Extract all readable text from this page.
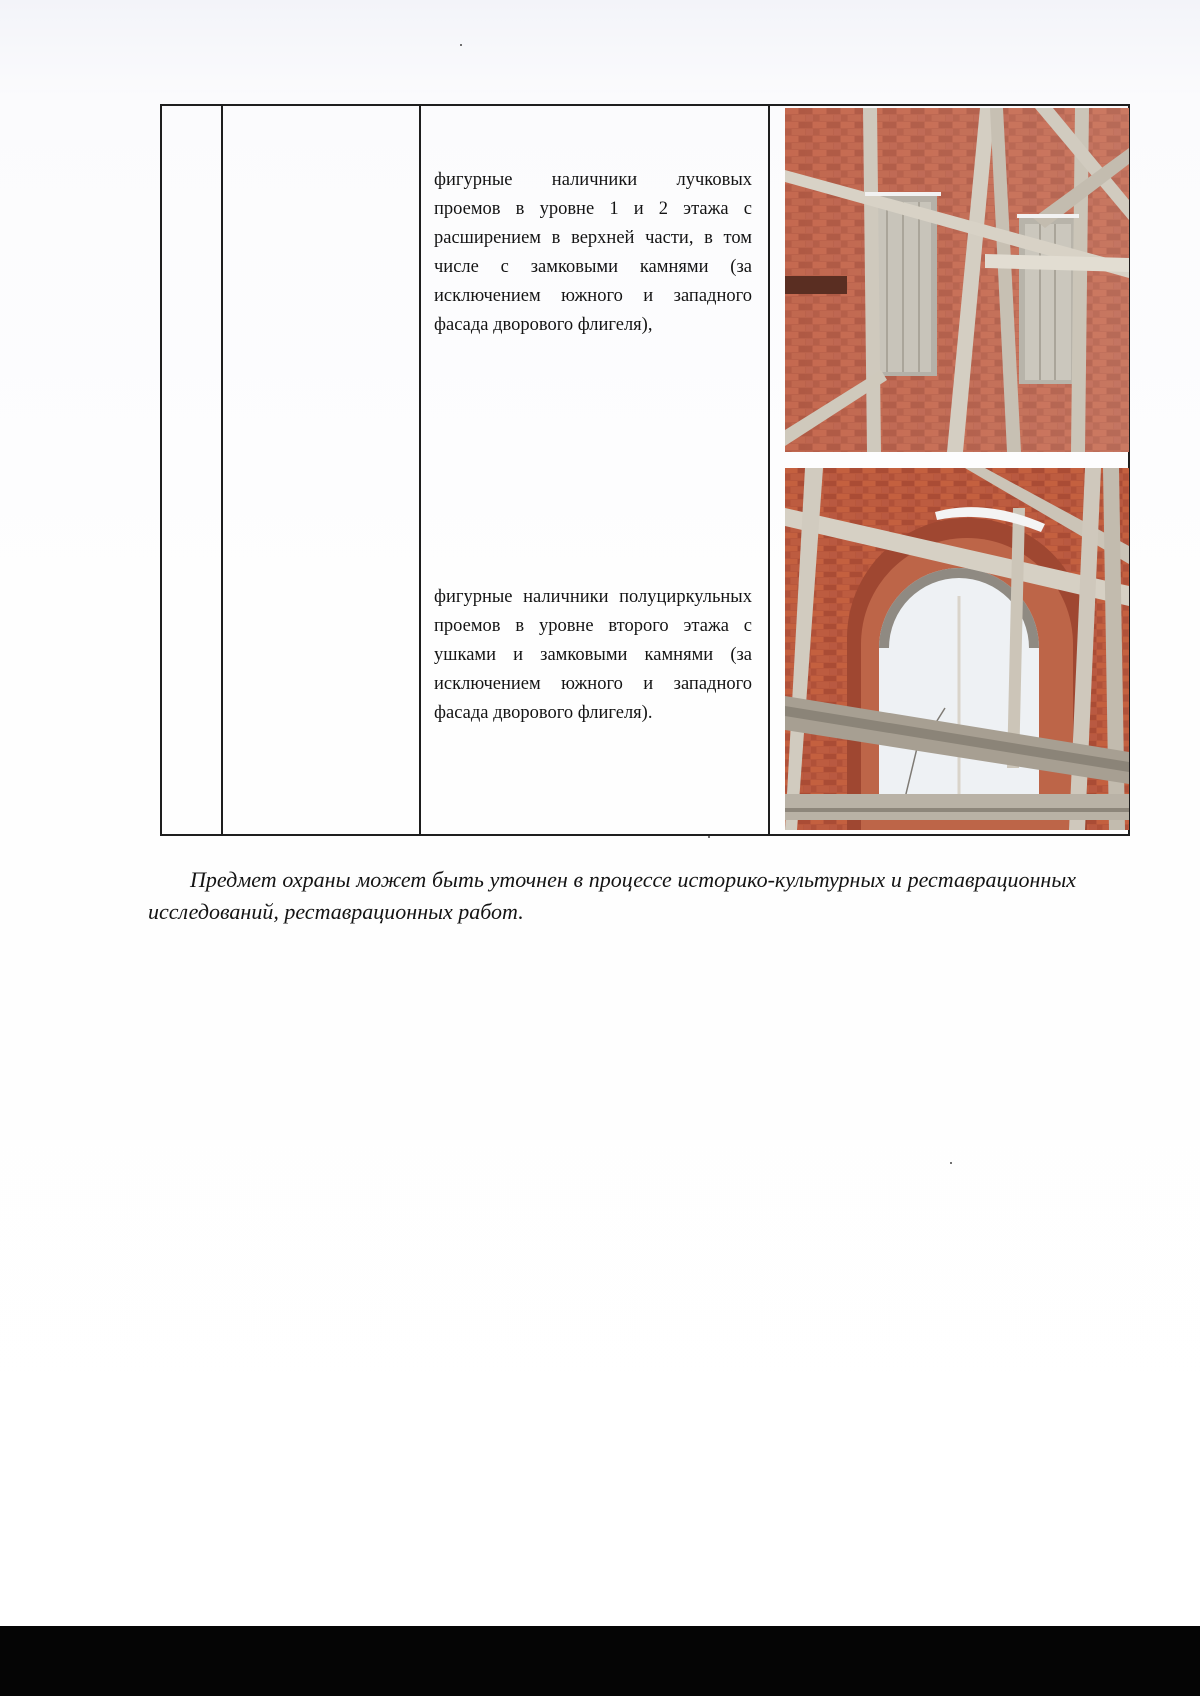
фигурные наличники лучковых проемов в уровне 1 и 2 этажа с расширением в верхней части, в том числе с замковыми камнями (за исключением южного и западного фасада дворового флигеля),
фигурные наличники полуциркульных проемов в уровне второго этажа с ушками и замковыми камнями (за исключением южного и западного фасада дворового флигеля).
Предмет охраны может быть уточнен в процессе историко-культурных и реставрационных исследований, реставрационных работ.
